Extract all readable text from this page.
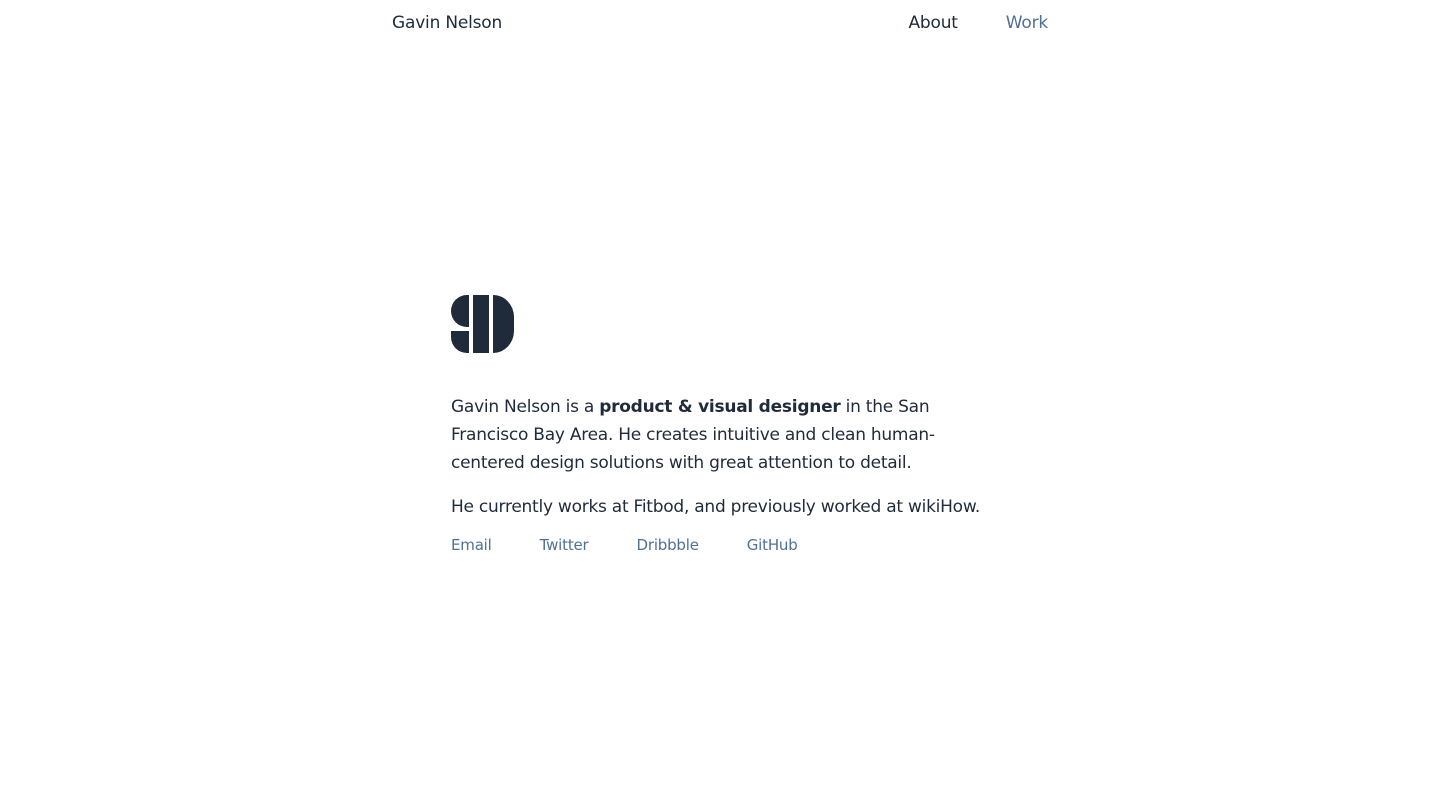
Gavin Nelson	About	Work

Gavin Nelson is a product & visual designer in the San Francisco Bay Area. He creates intuitive and clean human-centered design solutions with great attention to detail.

He currently works at Fitbod, and previously worked at wikiHow.

Email	Twitter	Dribbble	GitHub
